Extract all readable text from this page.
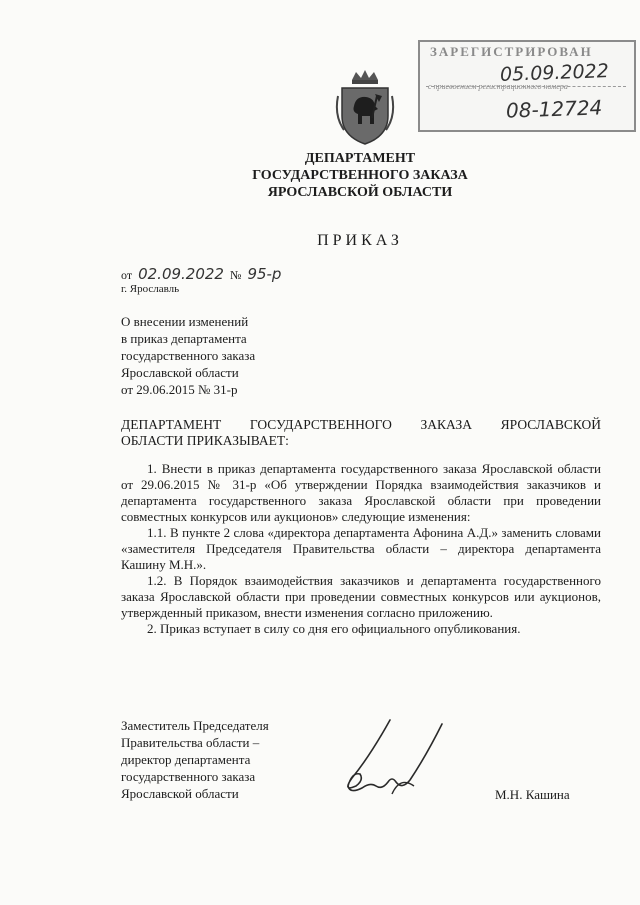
ЗАРЕГИСТРИРОВАН
05.09.2022
с присвоением регистрационного номера
08-12724
ДЕПАРТАМЕНТ
ГОСУДАРСТВЕННОГО ЗАКАЗА
ЯРОСЛАВСКОЙ ОБЛАСТИ
ПРИКАЗ
от 02.09.2022 № 95-р
г. Ярославль
О внесении изменений
в приказ департамента
государственного заказа
Ярославской области
от 29.06.2015 № 31-р
ДЕПАРТАМЕНТ ГОСУДАРСТВЕННОГО ЗАКАЗА ЯРОСЛАВСКОЙ
ОБЛАСТИ ПРИКАЗЫВАЕТ:

1. Внести в приказ департамента государственного заказа Ярославской области от 29.06.2015 № 31-р «Об утверждении Порядка взаимодействия заказчиков и департамента государственного заказа Ярославской области при проведении совместных конкурсов или аукционов» следующие изменения:

1.1. В пункте 2 слова «директора департамента Афонина А.Д.» заменить словами «заместителя Председателя Правительства области – директора департамента Кашину М.Н.».

1.2. В Порядок взаимодействия заказчиков и департамента государственного заказа Ярославской области при проведении совместных конкурсов или аукционов, утвержденный приказом, внести изменения согласно приложению.

2. Приказ вступает в силу со дня его официального опубликования.

Заместитель Председателя
Правительства области –
директор департамента
государственного заказа
Ярославской области	М.Н. Кашина
